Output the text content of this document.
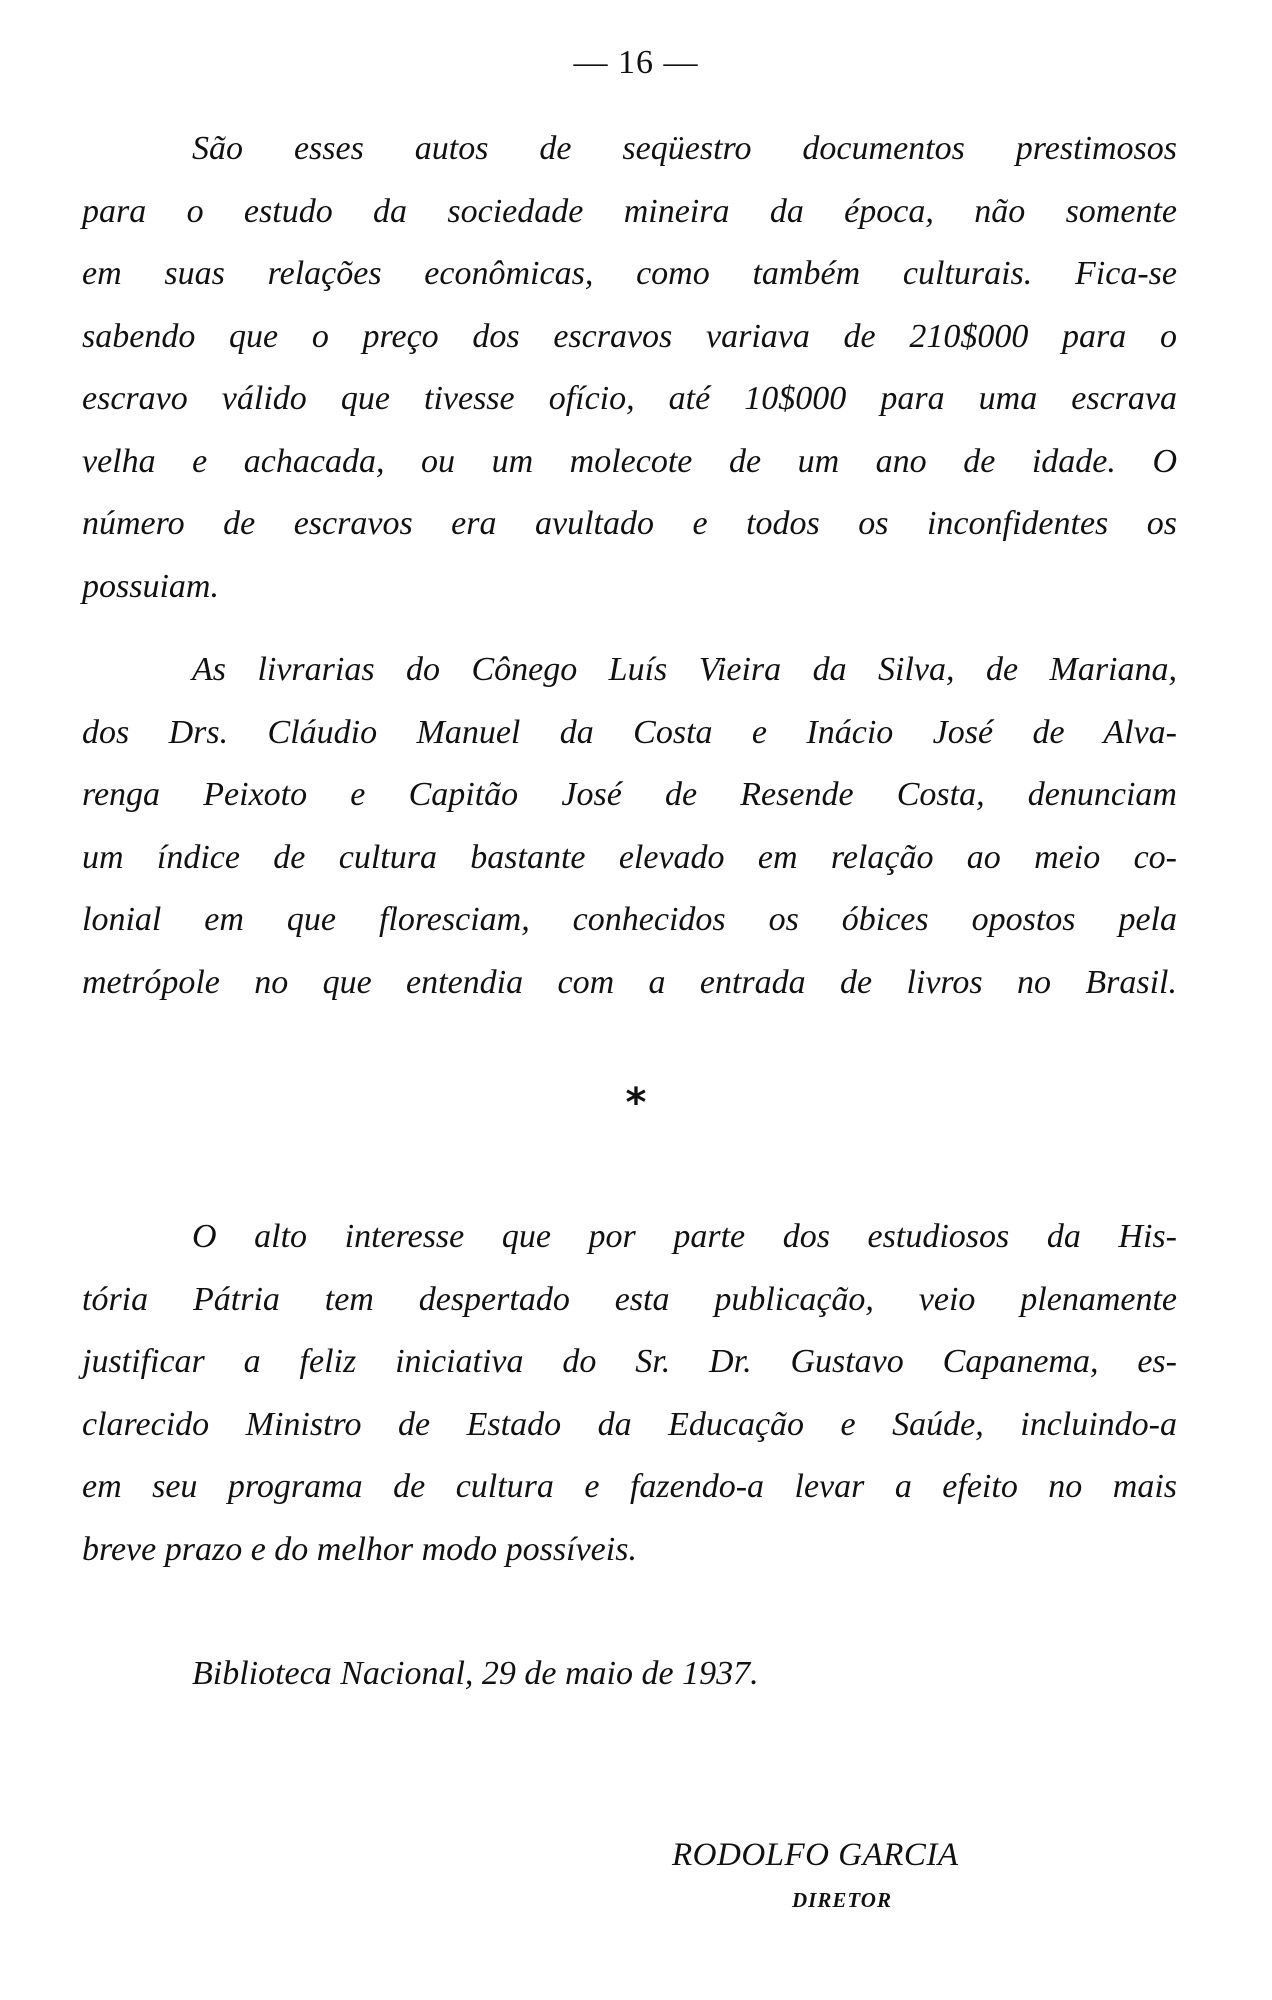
— 16 —

São esses autos de seqüestro documentos prestimosos
para o estudo da sociedade mineira da época, não somente
em suas relações econômicas, como também culturais. Fica-se
sabendo que o preço dos escravos variava de 210$000 para o
escravo válido que tivesse ofício, até 10$000 para uma escrava
velha e achacada, ou um molecote de um ano de idade. O
número de escravos era avultado e todos os inconfidentes os
possuiam.

As livrarias do Cônego Luís Vieira da Silva, de Mariana,
dos Drs. Cláudio Manuel da Costa e Inácio José de Alva-
renga Peixoto e Capitão José de Resende Costa, denunciam
um índice de cultura bastante elevado em relação ao meio co-
lonial em que floresciam, conhecidos os óbices opostos pela
metrópole no que entendia com a entrada de livros no Brasil.

*

O alto interesse que por parte dos estudiosos da His-
tória Pátria tem despertado esta publicação, veio plenamente
justificar a feliz iniciativa do Sr. Dr. Gustavo Capanema, es-
clarecido Ministro de Estado da Educação e Saúde, incluindo-a
em seu programa de cultura e fazendo-a levar a efeito no mais
breve prazo e do melhor modo possíveis.

Biblioteca Nacional, 29 de maio de 1937.
RODOLFO GARCIA
DIRETOR
